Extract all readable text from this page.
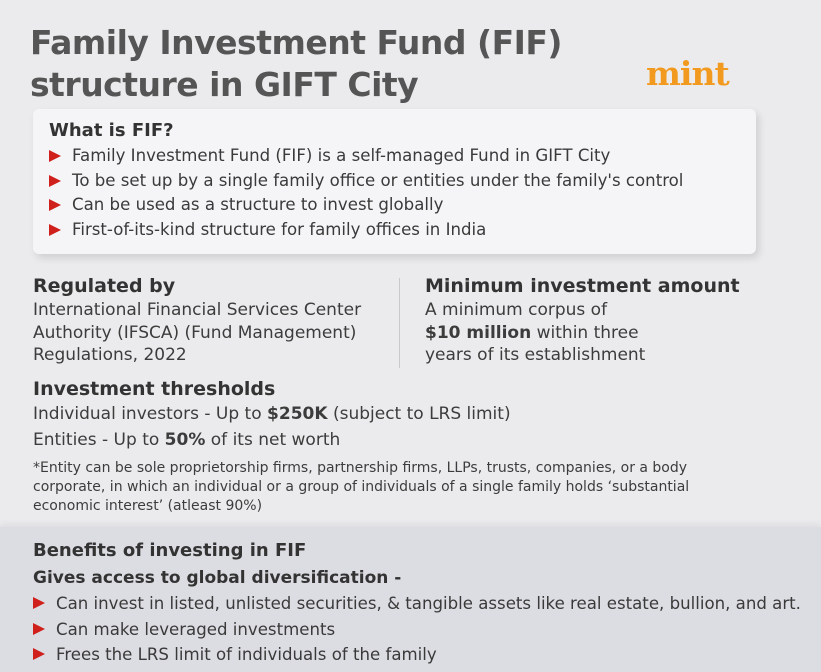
Family Investment Fund (FIF)
structure in GIFT City	mint
What is FIF?
Family Investment Fund (FIF) is a self-managed Fund in GIFT City
To be set up by a single family office or entities under the family's control
Can be used as a structure to invest globally
First-of-its-kind structure for family offices in India
Regulated by
International Financial Services Center
Authority (IFSCA) (Fund Management)
Regulations, 2022
Minimum investment amount
A minimum corpus of
$10 million within three
years of its establishment
Investment thresholds
Individual investors - Up to $250K (subject to LRS limit)
Entities - Up to 50% of its net worth
*Entity can be sole proprietorship firms, partnership firms, LLPs, trusts, companies, or a body
corporate, in which an individual or a group of individuals of a single family holds ‘substantial
economic interest’ (atleast 90%)
Benefits of investing in FIF
Gives access to global diversification -
Can invest in listed, unlisted securities, & tangible assets like real estate, bullion, and art.
Can make leveraged investments
Frees the LRS limit of individuals of the family
